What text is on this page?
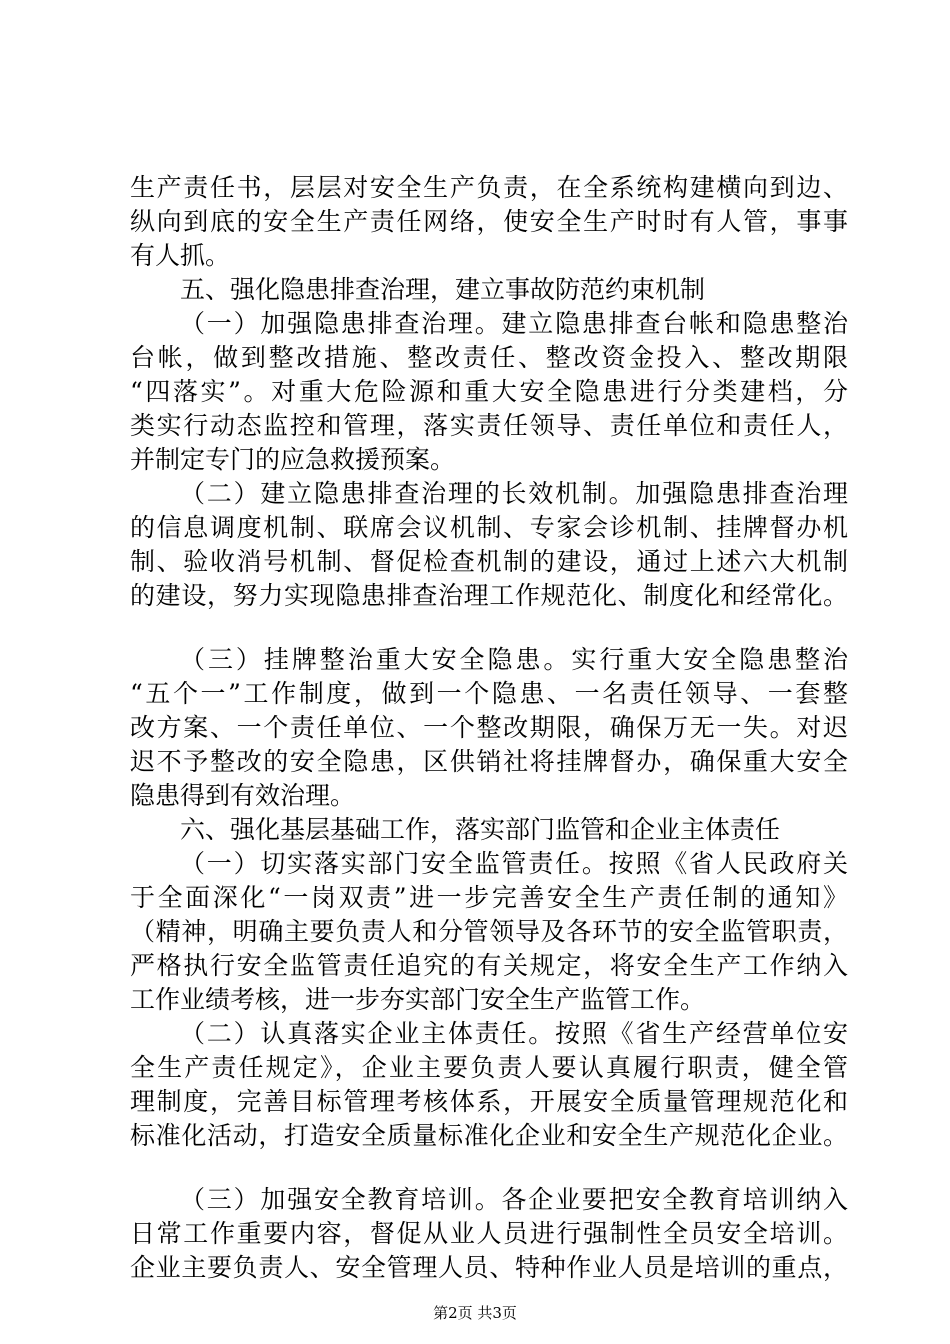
生产责任书，层层对安全生产负责，在全系统构建横向到边、
纵向到底的安全生产责任网络，使安全生产时时有人管，事事
有人抓。
五、强化隐患排查治理，建立事故防范约束机制
（一）加强隐患排查治理。建立隐患排查台帐和隐患整治
台帐，做到整改措施、整改责任、整改资金投入、整改期限
“四落实”。对重大危险源和重大安全隐患进行分类建档，分
类实行动态监控和管理，落实责任领导、责任单位和责任人，
并制定专门的应急救援预案。
（二）建立隐患排查治理的长效机制。加强隐患排查治理
的信息调度机制、联席会议机制、专家会诊机制、挂牌督办机
制、验收消号机制、督促检查机制的建设，通过上述六大机制
的建设，努力实现隐患排查治理工作规范化、制度化和经常化。
（三）挂牌整治重大安全隐患。实行重大安全隐患整治
“五个一”工作制度，做到一个隐患、一名责任领导、一套整
改方案、一个责任单位、一个整改期限，确保万无一失。对迟
迟不予整改的安全隐患，区供销社将挂牌督办，确保重大安全
隐患得到有效治理。
六、强化基层基础工作，落实部门监管和企业主体责任
（一）切实落实部门安全监管责任。按照《省人民政府关
于全面深化“一岗双责”进一步完善安全生产责任制的通知》
（精神，明确主要负责人和分管领导及各环节的安全监管职责，
严格执行安全监管责任追究的有关规定，将安全生产工作纳入
工作业绩考核，进一步夯实部门安全生产监管工作。
（二）认真落实企业主体责任。按照《省生产经营单位安
全生产责任规定》，企业主要负责人要认真履行职责，健全管
理制度，完善目标管理考核体系，开展安全质量管理规范化和
标准化活动，打造安全质量标准化企业和安全生产规范化企业。
（三）加强安全教育培训。各企业要把安全教育培训纳入
日常工作重要内容，督促从业人员进行强制性全员安全培训。
企业主要负责人、安全管理人员、特种作业人员是培训的重点，
第2页 共3页
